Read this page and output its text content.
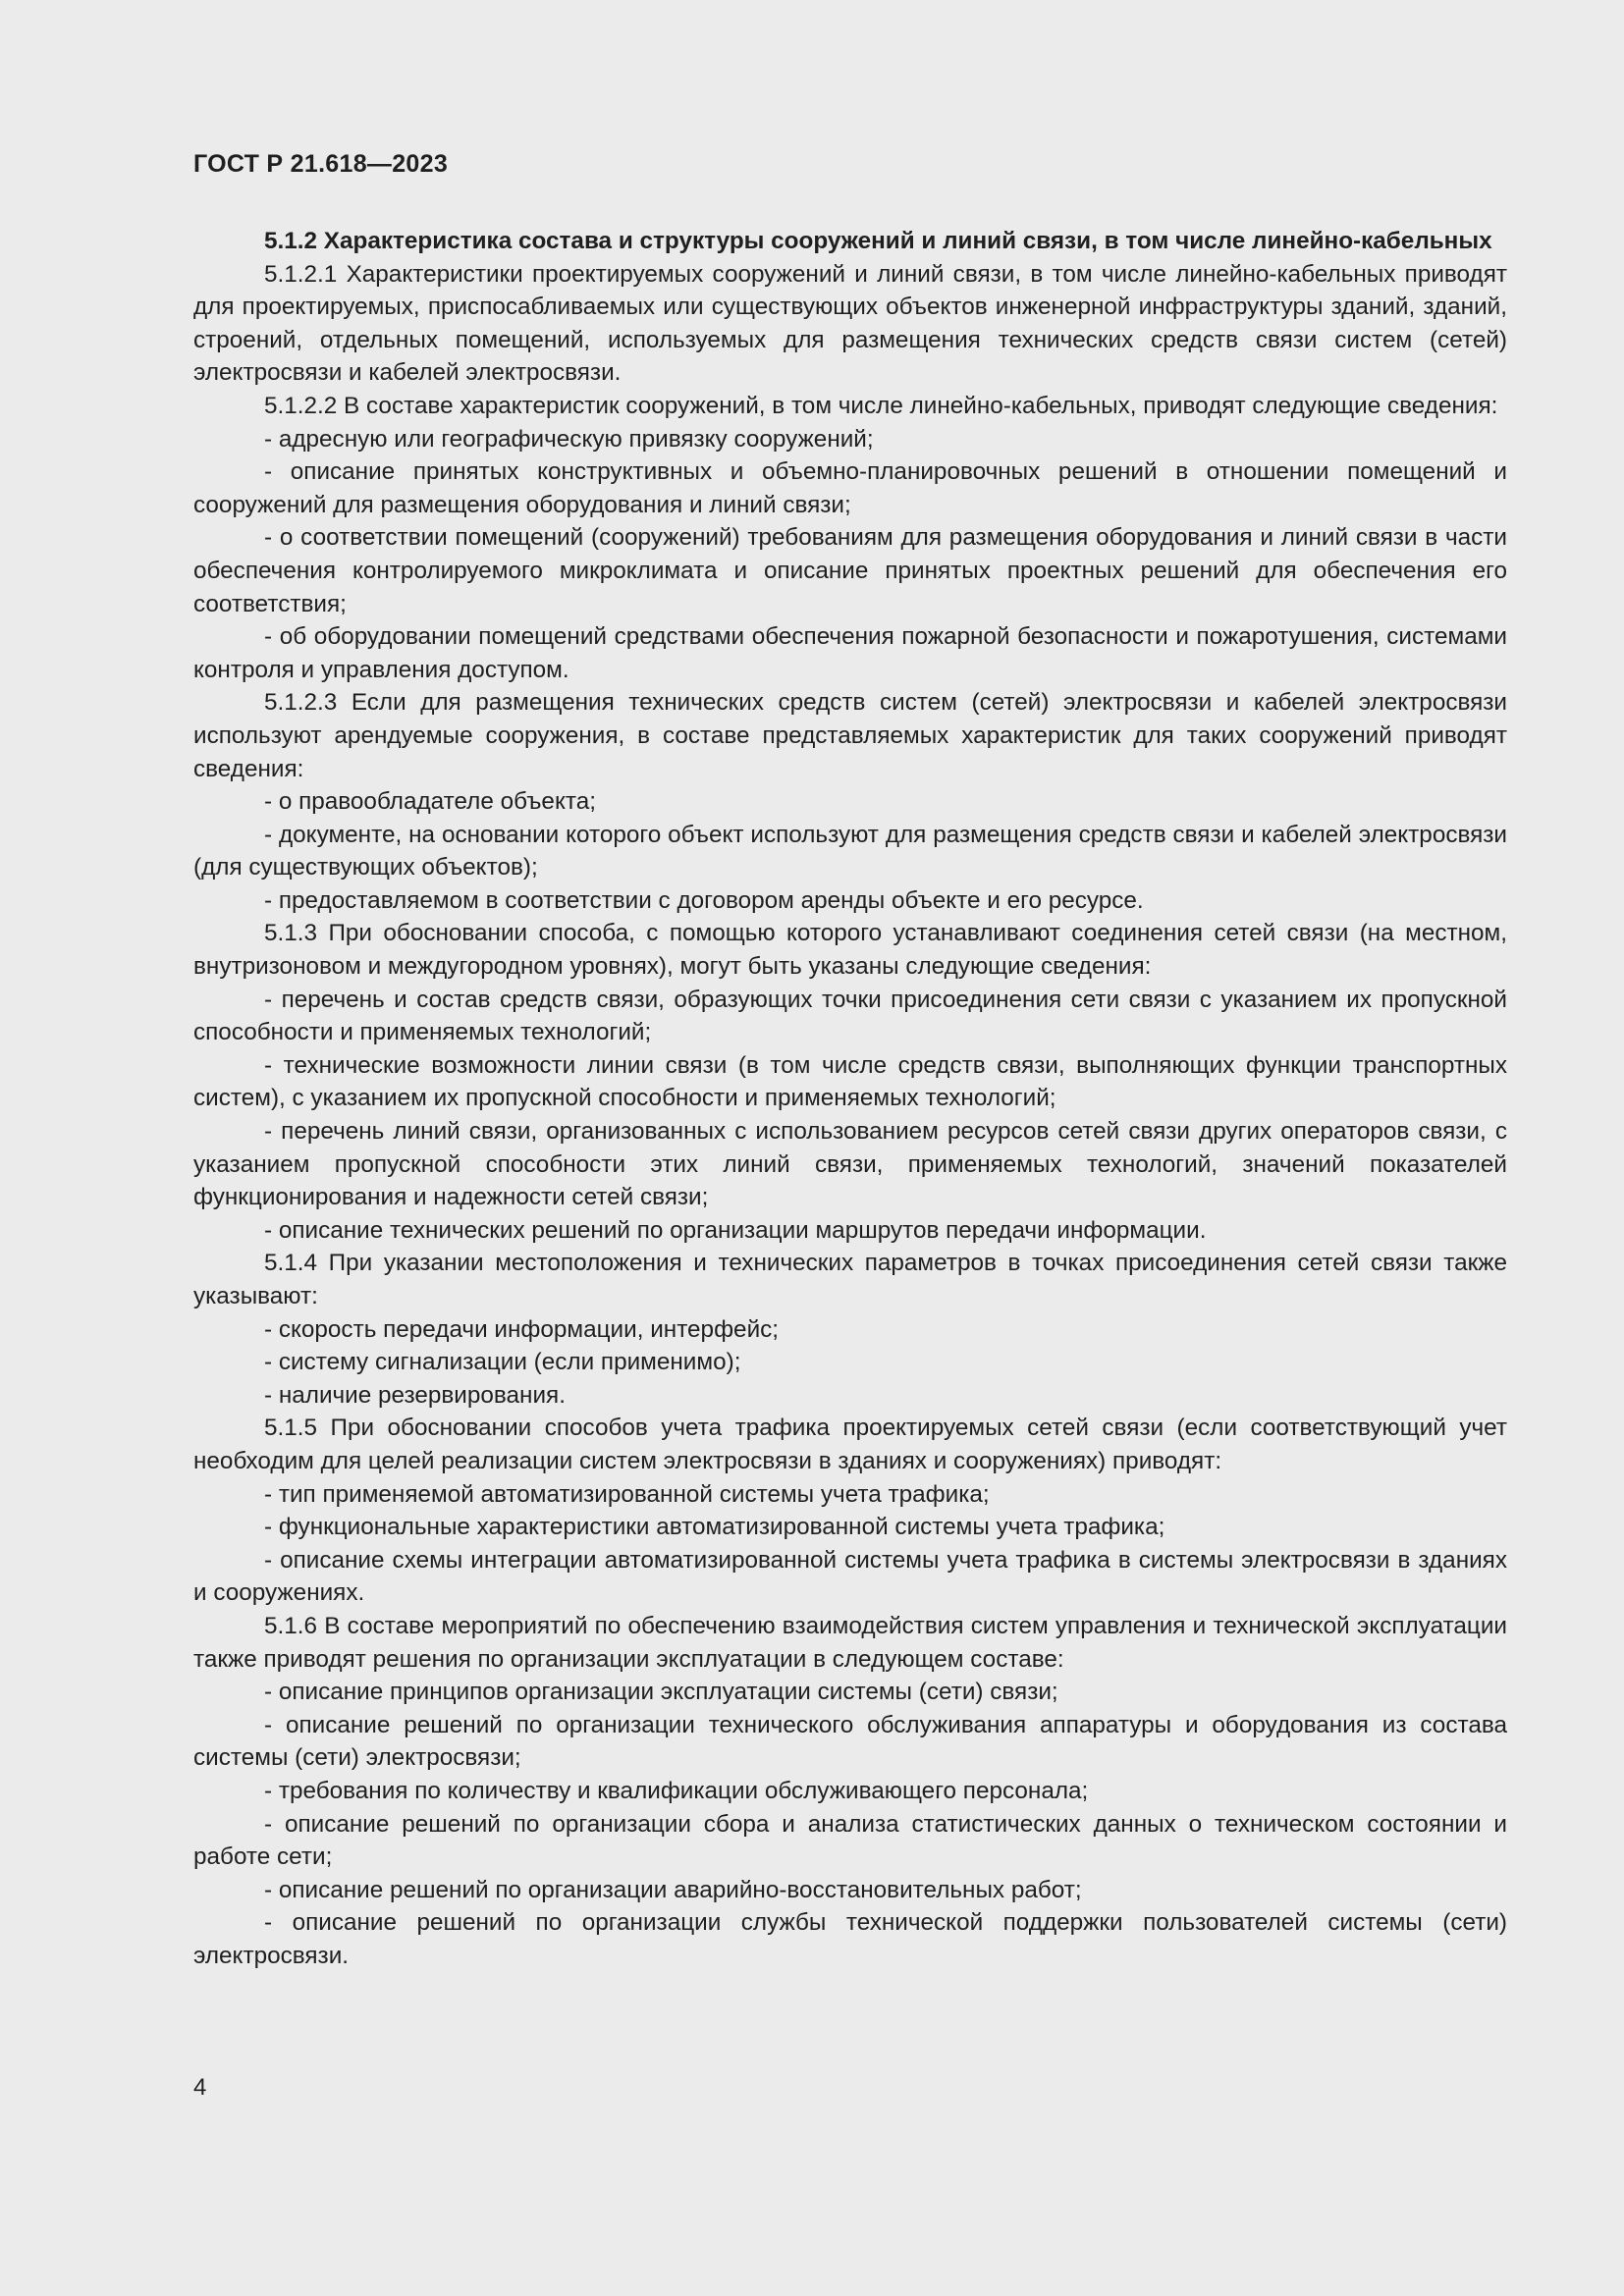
ГОСТ Р 21.618—2023

5.1.2 Характеристика состава и структуры сооружений и линий связи, в том числе линейно-кабельных

5.1.2.1 Характеристики проектируемых сооружений и линий связи, в том числе линейно-кабельных приводят для проектируемых, приспосабливаемых или существующих объектов инженерной инфраструктуры зданий, зданий, строений, отдельных помещений, используемых для размещения технических средств связи систем (сетей) электросвязи и кабелей электросвязи.

5.1.2.2 В составе характеристик сооружений, в том числе линейно-кабельных, приводят следующие сведения:

- адресную или географическую привязку сооружений;

- описание принятых конструктивных и объемно-планировочных решений в отношении помещений и сооружений для размещения оборудования и линий связи;

- о соответствии помещений (сооружений) требованиям для размещения оборудования и линий связи в части обеспечения контролируемого микроклимата и описание принятых проектных решений для обеспечения его соответствия;

- об оборудовании помещений средствами обеспечения пожарной безопасности и пожаротушения, системами контроля и управления доступом.

5.1.2.3 Если для размещения технических средств систем (сетей) электросвязи и кабелей электросвязи используют арендуемые сооружения, в составе представляемых характеристик для таких сооружений приводят сведения:

- о правообладателе объекта;

- документе, на основании которого объект используют для размещения средств связи и кабелей электросвязи (для существующих объектов);

- предоставляемом в соответствии с договором аренды объекте и его ресурсе.

5.1.3 При обосновании способа, с помощью которого устанавливают соединения сетей связи (на местном, внутризоновом и междугородном уровнях), могут быть указаны следующие сведения:

- перечень и состав средств связи, образующих точки присоединения сети связи с указанием их пропускной способности и применяемых технологий;

- технические возможности линии связи (в том числе средств связи, выполняющих функции транспортных систем), с указанием их пропускной способности и применяемых технологий;

- перечень линий связи, организованных с использованием ресурсов сетей связи других операторов связи, с указанием пропускной способности этих линий связи, применяемых технологий, значений показателей функционирования и надежности сетей связи;

- описание технических решений по организации маршрутов передачи информации.

5.1.4 При указании местоположения и технических параметров в точках присоединения сетей связи также указывают:

- скорость передачи информации, интерфейс;

- систему сигнализации (если применимо);

- наличие резервирования.

5.1.5 При обосновании способов учета трафика проектируемых сетей связи (если соответствующий учет необходим для целей реализации систем электросвязи в зданиях и сооружениях) приводят:

- тип применяемой автоматизированной системы учета трафика;

- функциональные характеристики автоматизированной системы учета трафика;

- описание схемы интеграции автоматизированной системы учета трафика в системы электросвязи в зданиях и сооружениях.

5.1.6 В составе мероприятий по обеспечению взаимодействия систем управления и технической эксплуатации также приводят решения по организации эксплуатации в следующем составе:

- описание принципов организации эксплуатации системы (сети) связи;

- описание решений по организации технического обслуживания аппаратуры и оборудования из состава системы (сети) электросвязи;

- требования по количеству и квалификации обслуживающего персонала;

- описание решений по организации сбора и анализа статистических данных о техническом состоянии и работе сети;

- описание решений по организации аварийно-восстановительных работ;

- описание решений по организации службы технической поддержки пользователей системы (сети) электросвязи.

4
